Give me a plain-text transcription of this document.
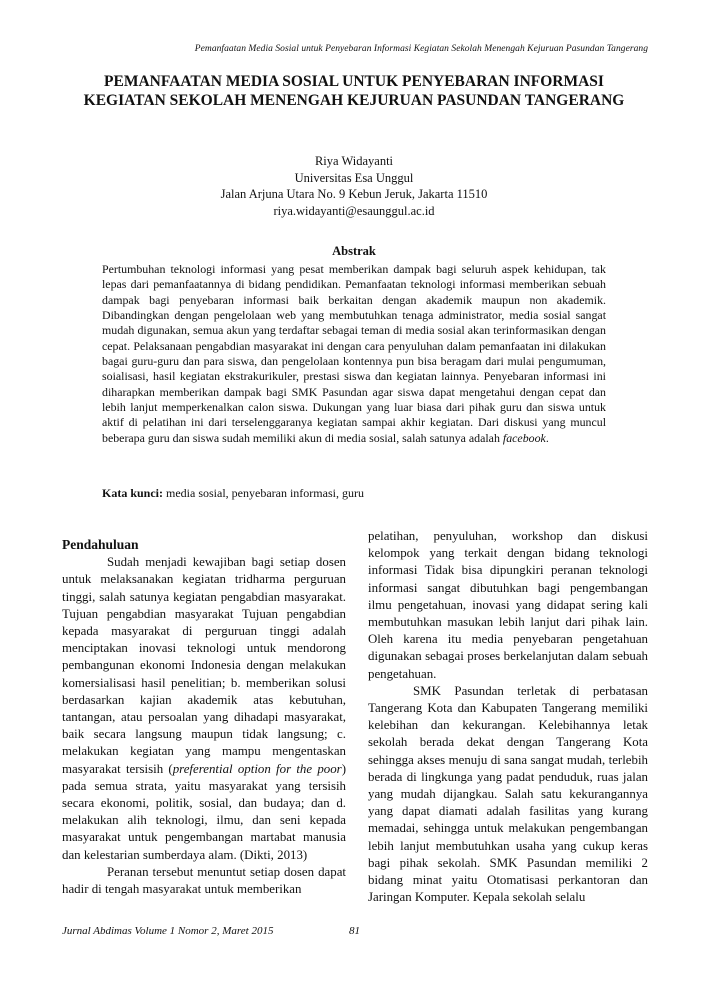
Pemanfaatan Media Sosial untuk Penyebaran Informasi Kegiatan Sekolah Menengah Kejuruan Pasundan Tangerang
PEMANFAATAN MEDIA SOSIAL UNTUK PENYEBARAN INFORMASI KEGIATAN SEKOLAH MENENGAH KEJURUAN PASUNDAN TANGERANG
Riya Widayanti
Universitas Esa Unggul
Jalan Arjuna Utara No. 9 Kebun Jeruk, Jakarta 11510
riya.widayanti@esaunggul.ac.id
Abstrak
Pertumbuhan teknologi informasi yang pesat memberikan dampak bagi seluruh aspek kehidupan, tak lepas dari pemanfaatannya di bidang pendidikan. Pemanfaatan teknologi informasi memberikan sebuah dampak bagi penyebaran informasi baik berkaitan dengan akademik maupun non akademik. Dibandingkan dengan pengelolaan web yang membutuhkan tenaga administrator, media sosial sangat mudah digunakan, semua akun yang terdaftar sebagai teman di media sosial akan terinformasikan dengan cepat. Pelaksanaan pengabdian masyarakat ini dengan cara penyuluhan dalam pemanfaatan ini dilakukan bagai guru-guru dan para siswa, dan pengelolaan kontennya pun bisa beragam dari mulai pengumuman, soialisasi, hasil kegiatan ekstrakurikuler, prestasi siswa dan kegiatan lainnya. Penyebaran informasi ini diharapkan memberikan dampak bagi SMK Pasundan agar siswa dapat mengetahui dengan cepat dan lebih lanjut memperkenalkan calon siswa. Dukungan yang luar biasa dari pihak guru dan siswa untuk aktif di pelatihan ini dari terselenggaranya kegiatan sampai akhir kegiatan. Dari diskusi yang muncul beberapa guru dan siswa sudah memiliki akun di media sosial, salah satunya adalah facebook.
Kata kunci: media sosial, penyebaran informasi, guru
Pendahuluan

Sudah menjadi kewajiban bagi setiap dosen untuk melaksanakan kegiatan tridharma perguruan tinggi, salah satunya kegiatan pengabdian masyarakat. Tujuan pengabdian masyarakat Tujuan pengabdian kepada masyarakat di perguruan tinggi adalah menciptakan inovasi teknologi untuk mendorong pembangunan ekonomi Indonesia dengan melakukan komersialisasi hasil penelitian; b. memberikan solusi berdasarkan kajian akademik atas kebutuhan, tantangan, atau persoalan yang dihadapi masyarakat, baik secara langsung maupun tidak langsung; c. melakukan kegiatan yang mampu mengentaskan masyarakat tersisih (preferential option for the poor) pada semua strata, yaitu masyarakat yang tersisih secara ekonomi, politik, sosial, dan budaya; dan d. melakukan alih teknologi, ilmu, dan seni kepada masyarakat untuk pengembangan martabat manusia dan kelestarian sumberdaya alam. (Dikti, 2013)

Peranan tersebut menuntut setiap dosen dapat hadir di tengah masyarakat untuk memberikan

pelatihan, penyuluhan, workshop dan diskusi kelompok yang terkait dengan bidang teknologi informasi Tidak bisa dipungkiri peranan teknologi informasi sangat dibutuhkan bagi pengembangan ilmu pengetahuan, inovasi yang didapat sering kali membutuhkan masukan lebih lanjut dari pihak lain. Oleh karena itu media penyebaran pengetahuan digunakan sebagai proses berkelanjutan dalam sebuah pengetahuan.

SMK Pasundan terletak di perbatasan Tangerang Kota dan Kabupaten Tangerang memiliki kelebihan dan kekurangan. Kelebihannya letak sekolah berada dekat dengan Tangerang Kota sehingga akses menuju di sana sangat mudah, terlebih berada di lingkunga yang padat penduduk, ruas jalan yang mudah dijangkau. Salah satu kekurangannya yang dapat diamati adalah fasilitas yang kurang memadai, sehingga untuk melakukan pengembangan lebih lanjut membutuhkan usaha yang cukup keras bagi pihak sekolah. SMK Pasundan memiliki 2 bidang minat yaitu Otomatisasi perkantoran dan Jaringan Komputer. Kepala sekolah selalu

Jurnal Abdimas Volume 1 Nomor 2, Maret 2015	81
